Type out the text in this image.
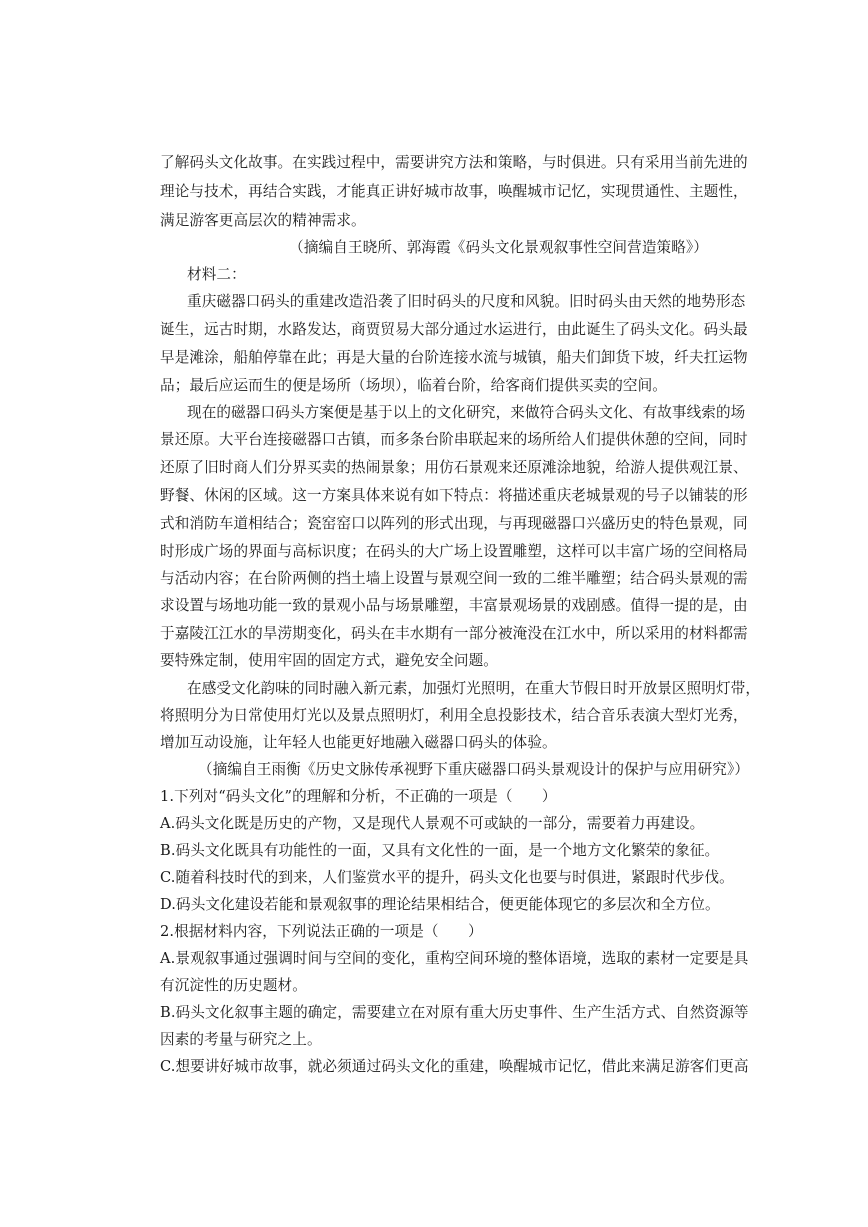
了解码头文化故事。在实践过程中，需要讲究方法和策略，与时俱进。只有采用当前先进的
理论与技术，再结合实践，才能真正讲好城市故事，唤醒城市记忆，实现贯通性、主题性，
满足游客更高层次的精神需求。
（摘编自王晓所、郭海霞《码头文化景观叙事性空间营造策略》）
材料二：
重庆磁器口码头的重建改造沿袭了旧时码头的尺度和风貌。旧时码头由天然的地势形态
诞生，远古时期，水路发达，商贾贸易大部分通过水运进行，由此诞生了码头文化。码头最
早是滩涂，船舶停靠在此；再是大量的台阶连接水流与城镇，船夫们卸货下坡，纤夫扛运物
品；最后应运而生的便是场所（场坝），临着台阶，给客商们提供买卖的空间。
现在的磁器口码头方案便是基于以上的文化研究，来做符合码头文化、有故事线索的场
景还原。大平台连接磁器口古镇，而多条台阶串联起来的场所给人们提供休憩的空间，同时
还原了旧时商人们分界买卖的热闹景象；用仿石景观来还原滩涂地貌，给游人提供观江景、
野餐、休闲的区域。这一方案具体来说有如下特点：将描述重庆老城景观的号子以铺装的形
式和消防车道相结合；瓷窑窑口以阵列的形式出现，与再现磁器口兴盛历史的特色景观，同
时形成广场的界面与高标识度；在码头的大广场上设置雕塑，这样可以丰富广场的空间格局
与活动内容；在台阶两侧的挡土墙上设置与景观空间一致的二维半雕塑；结合码头景观的需
求设置与场地功能一致的景观小品与场景雕塑，丰富景观场景的戏剧感。值得一提的是，由
于嘉陵江江水的旱涝期变化，码头在丰水期有一部分被淹没在江水中，所以采用的材料都需
要特殊定制，使用牢固的固定方式，避免安全问题。
在感受文化韵味的同时融入新元素，加强灯光照明，在重大节假日时开放景区照明灯带，
将照明分为日常使用灯光以及景点照明灯，利用全息投影技术，结合音乐表演大型灯光秀，
增加互动设施，让年轻人也能更好地融入磁器口码头的体验。
（摘编自王雨衡《历史文脉传承视野下重庆磁器口码头景观设计的保护与应用研究》）
1.下列对“码头文化”的理解和分析，不正确的一项是（　　）
A.码头文化既是历史的产物，又是现代人景观不可或缺的一部分，需要着力再建设。
B.码头文化既具有功能性的一面，又具有文化性的一面，是一个地方文化繁荣的象征。
C.随着科技时代的到来，人们鉴赏水平的提升，码头文化也要与时俱进，紧跟时代步伐。
D.码头文化建设若能和景观叙事的理论结果相结合，便更能体现它的多层次和全方位。
2.根据材料内容，下列说法正确的一项是（　　）
A.景观叙事通过强调时间与空间的变化，重构空间环境的整体语境，选取的素材一定要是具
有沉淀性的历史题材。
B.码头文化叙事主题的确定，需要建立在对原有重大历史事件、生产生活方式、自然资源等
因素的考量与研究之上。
C.想要讲好城市故事，就必须通过码头文化的重建，唤醒城市记忆，借此来满足游客们更高
